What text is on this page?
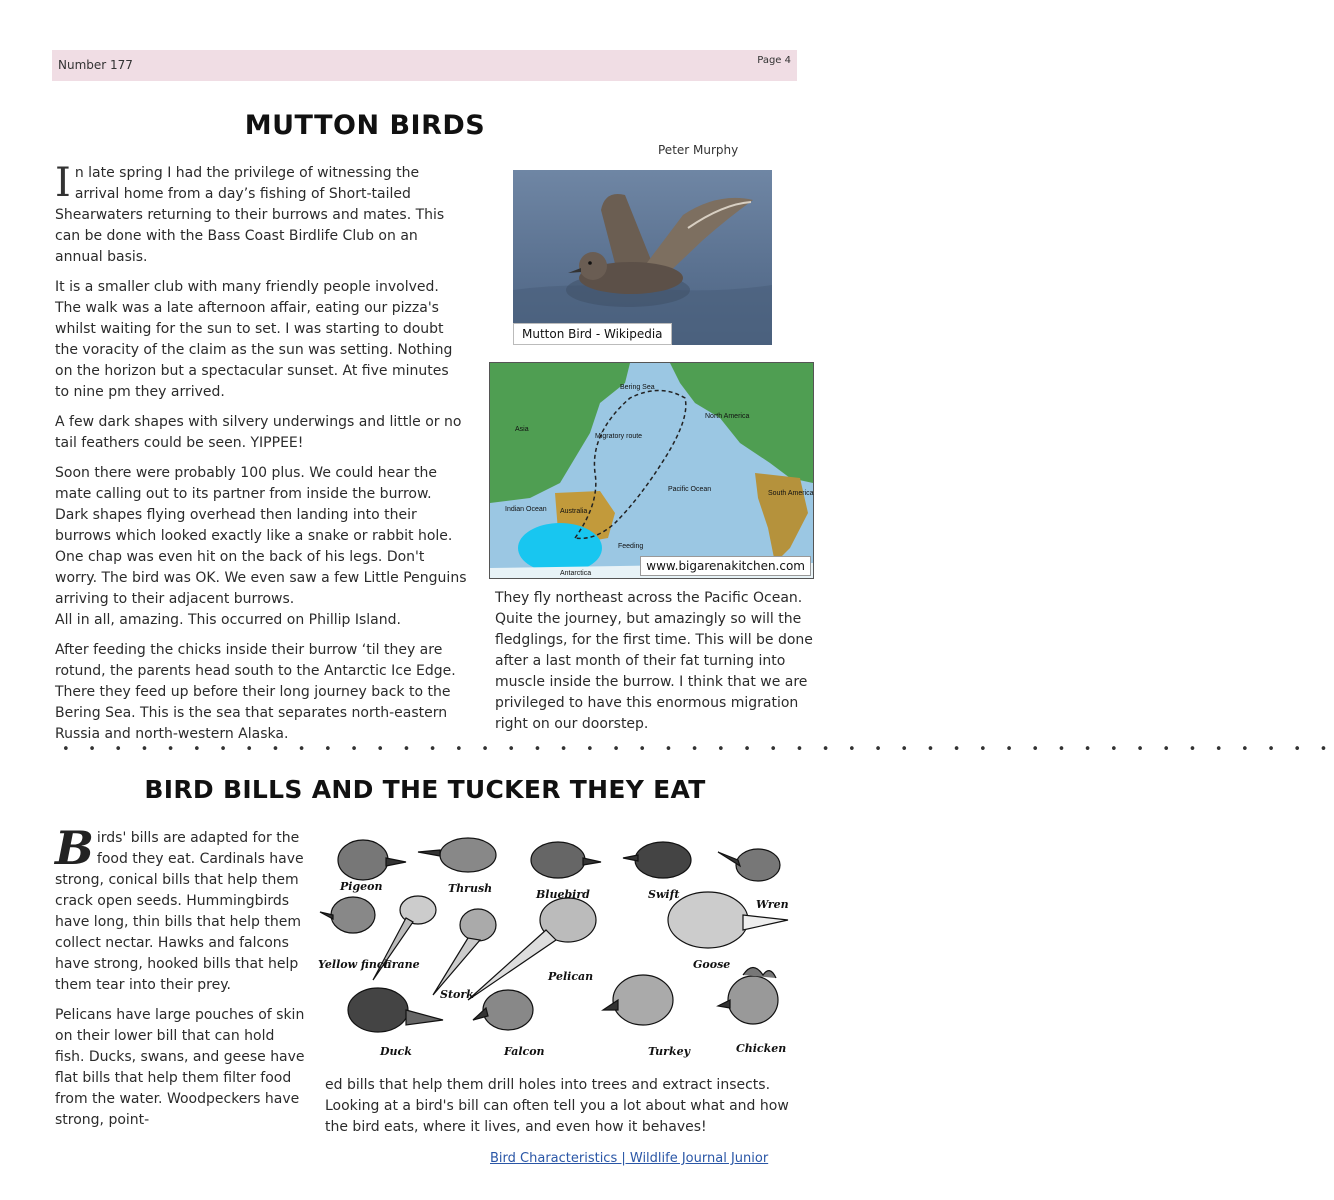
Number 177	Page 4
MUTTON BIRDS
Peter Murphy

In late spring I had the privilege of witnessing the arrival home from a day’s fishing of Short-tailed Shearwaters returning to their burrows and mates. This can be done with the Bass Coast Birdlife Club on an annual basis.

It is a smaller club with many friendly people involved. The walk was a late afternoon affair, eating our pizza's whilst waiting for the sun to set. I was starting to doubt the voracity of the claim as the sun was setting. Nothing on the horizon but a spectacular sunset. At five minutes to nine pm they arrived.

A few dark shapes with silvery underwings and little or no tail feathers could be seen. YIPPEE!

Soon there were probably 100 plus. We could hear the mate calling out to its partner from inside the burrow. Dark shapes flying overhead then landing into their burrows which looked exactly like a snake or rabbit hole. One chap was even hit on the back of his legs. Don't worry. The bird was OK. We even saw a few Little Penguins arriving to their adjacent burrows.

All in all, amazing. This occurred on Phillip Island.

After feeding the chicks inside their burrow ‘til they are rotund, the parents head south to the Antarctic Ice Edge. There they feed up before their long journey back to the Bering Sea. This is the sea that separates north-eastern Russia and north-western Alaska.

Mutton Bird - Wikipedia
Bering Sea
Asia
North America
Migratory route
Pacific Ocean
South America
Indian Ocean Australia
Feeding
Antarctica
www.bigarenakitchen.com

They fly northeast across the Pacific Ocean. Quite the journey, but amazingly so will the fledglings, for the first time. This will be done after a last month of their fat turning into muscle inside the burrow. I think that we are privileged to have this enormous migration right on our doorstep.

• • • • • • • • • • • • • • • • • • • • • • • • • • • • • • • • • • • • • • • • • • • • • • • • •
BIRD BILLS AND THE TUCKER THEY EAT

Birds' bills are adapted for the food they eat. Cardinals have strong, conical bills that help them crack open seeds. Hummingbirds have long, thin bills that help them collect nectar. Hawks and falcons have strong, hooked bills that help them tear into their prey.

Pelicans have large pouches of skin on their lower bill that can hold fish. Ducks, swans, and geese have flat bills that help them filter food from the water. Woodpeckers have strong, point-

Pigeon	Thrush	Bluebird	Swift
Wren
Yellow finch
Crane
Stork
Pelican
Goose
Duck	Falcon	Turkey	Chicken

ed bills that help them drill holes into trees and extract insects. Looking at a bird's bill can often tell you a lot about what and how the bird eats, where it lives, and even how it behaves!

Bird Characteristics | Wildlife Journal Junior
